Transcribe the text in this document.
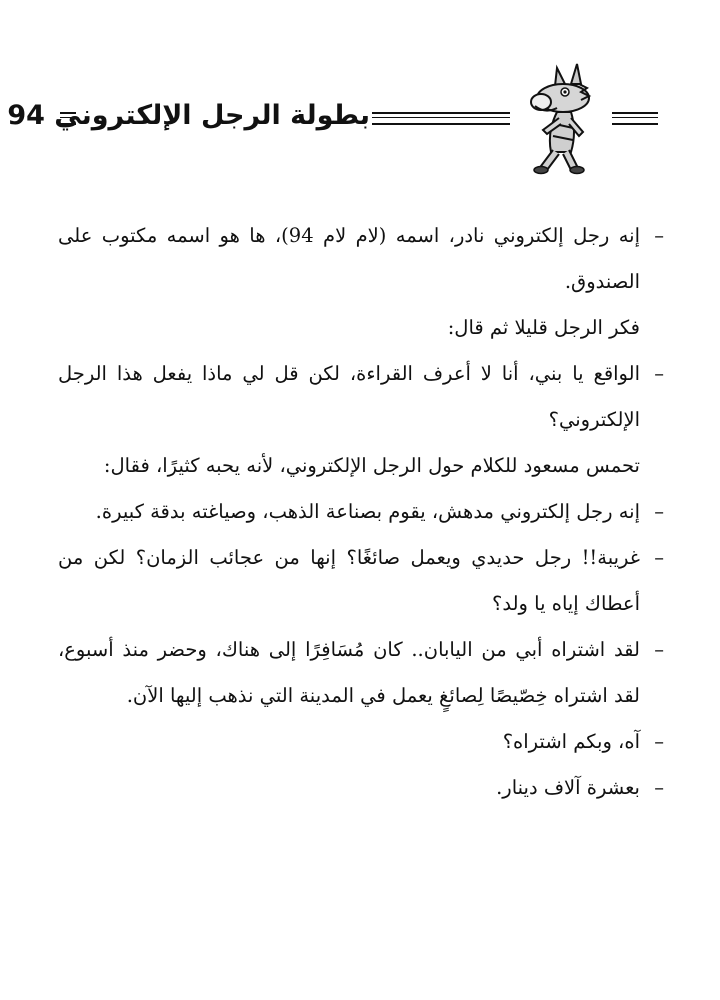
بطولة الرجل الإلكتروني 94
–
إنه رجل إلكتروني نادر، اسمه (لام لام 94)، ها هو اسمه مكتوب على الصندوق.
فكر الرجل قليلا ثم قال:
–
الواقع يا بني، أنا لا أعرف القراءة، لكن قل لي ماذا يفعل هذا الرجل الإلكتروني؟
تحمس مسعود للكلام حول الرجل الإلكتروني، لأنه يحبه كثيرًا، فقال:
–
إنه رجل إلكتروني مدهش، يقوم بصناعة الذهب، وصياغته بدقة كبيرة.
–
غريبة!! رجل حديدي ويعمل صائغًا؟ إنها من عجائب الزمان؟ لكن من أعطاك إياه يا ولد؟
–
لقد اشتراه أبي من اليابان.. كان مُسَافِرًا إلى هناك، وحضر منذ أسبوع، لقد اشتراه خِصّيصًا لِصائغٍ يعمل في المدينة التي نذهب إليها الآن.
–
آه، وبكم اشتراه؟
–
بعشرة آلاف دينار.
